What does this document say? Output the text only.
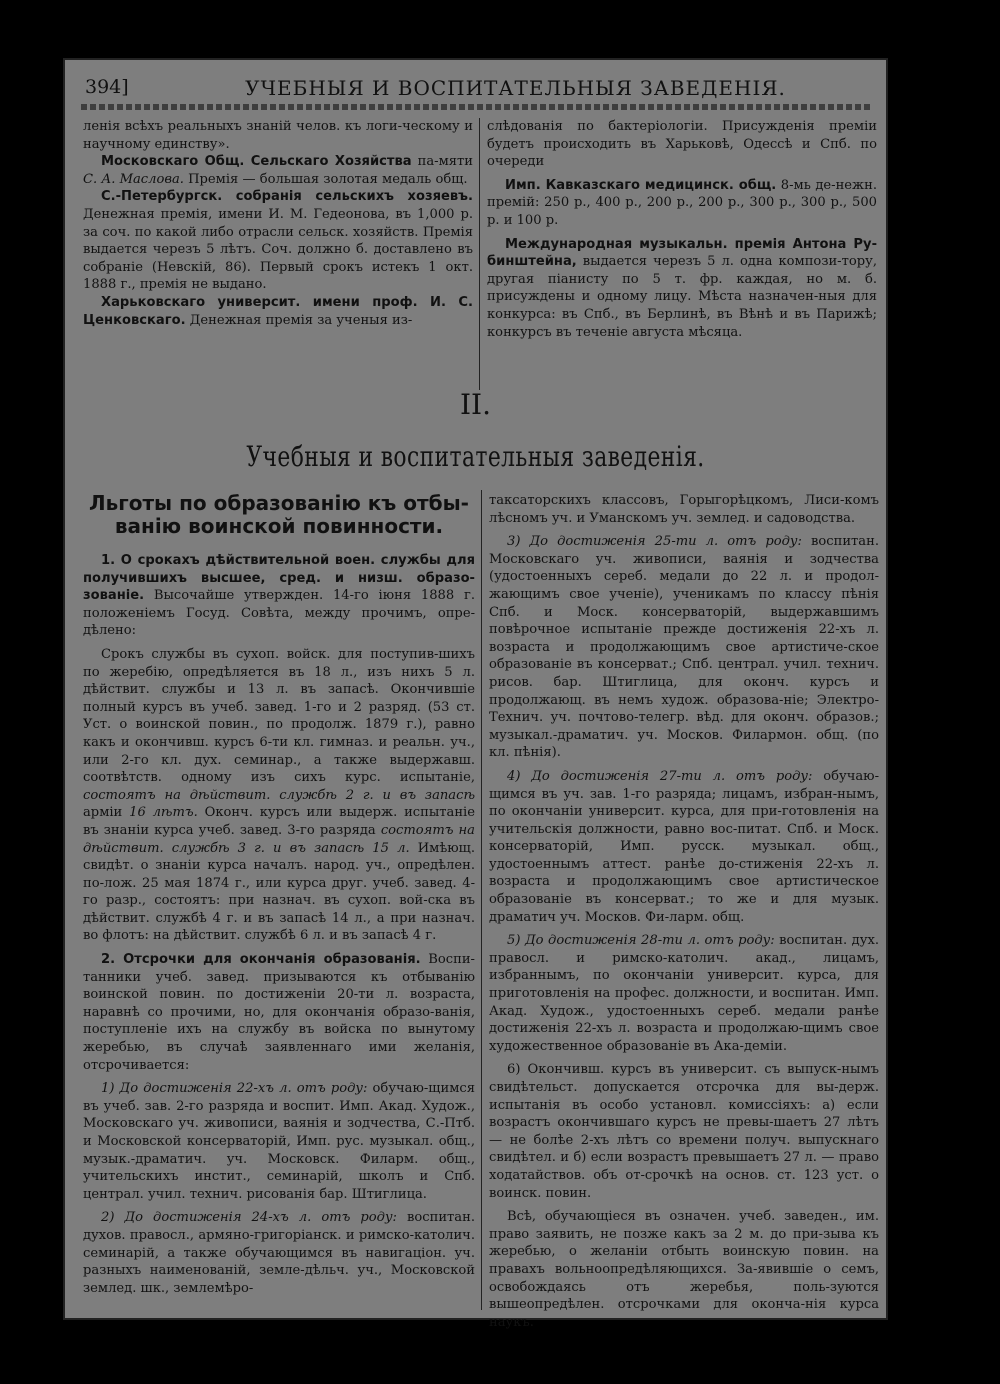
394]	УЧЕБНЫЯ И ВОСПИТАТЕЛЬНЫЯ ЗАВЕДЕНІЯ.

ленія всѣхъ реальныхъ знаній челов. къ логи-ческому и научному единству».

Московскаго Общ. Сельскаго Хозяйства па-мяти С. А. Маслова. Премія — большая золотая медаль общ.

С.-Петербургск. собранія сельскихъ хозяевъ. Денежная премія, имени И. М. Гедеонова, въ 1,000 р. за соч. по какой либо отрасли сельск. хозяйств. Премія выдается черезъ 5 лѣтъ. Соч. должно б. доставлено въ собраніе (Невскій, 86). Первый срокъ истекъ 1 окт. 1888 г., премія не выдано.

Харьковскаго университ. имени проф. И. С. Ценковскаго. Денежная премія за ученыя из-

слѣдованія по бактеріологіи. Присужденія преміи будетъ происходить въ Харьковѣ, Одессѣ и Спб. по очереди

Имп. Кавказскаго медицинск. общ. 8-мь де-нежн. премій: 250 р., 400 р., 200 р., 200 р., 300 р., 300 р., 500 р. и 100 р.

Международная музыкальн. премія Антона Ру-бинштейна, выдается черезъ 5 л. одна компози-тору, другая піанисту по 5 т. фр. каждая, но м. б. присуждены и одному лицу. Мѣста назначен-ныя для конкурса: въ Спб., въ Берлинѣ, въ Вѣнѣ и въ Парижѣ; конкурсъ въ теченіе августа мѣсяца.

II.
Учебныя и воспитательныя заведенія.

Льготы по образованію къ отбы-ванію воинской повинности.

1. О срокахъ дѣйствительной воен. службы для получившихъ высшее, сред. и низш. образо-зованіе. Высочайше утвержден. 14-го іюня 1888 г. положеніемъ Госуд. Совѣта, между прочимъ, опре-дѣлено:

Срокъ службы въ сухоп. войск. для поступив-шихъ по жеребію, опредѣляется въ 18 л., изъ нихъ 5 л. дѣйствит. службы и 13 л. въ запасѣ. Окончившіе полный курсъ въ учеб. завед. 1-го и 2 разряд. (53 ст. Уст. о воинской повин., по продолж. 1879 г.), равно какъ и окончивш. курсъ 6-ти кл. гимназ. и реальн. уч., или 2-го кл. дух. семинар., а также выдержавш. соотвѣтств. одному изъ сихъ курс. испытаніе, состоятъ на дѣйствит. службѣ 2 г. и въ запасѣ арміи 16 лѣтъ. Оконч. курсъ или выдерж. испытаніе въ знаніи курса учеб. завед. 3-го разряда состоятъ на дѣйствит. службѣ 3 г. и въ запасѣ 15 л. Имѣющ. свидѣт. о знаніи курса началъ. народ. уч., опредѣлен. по-лож. 25 мая 1874 г., или курса друг. учеб. завед. 4-го разр., состоятъ: при назнач. въ сухоп. вой-ска въ дѣйствит. службѣ 4 г. и въ запасѣ 14 л., а при назнач. во флотъ: на дѣйствит. службѣ 6 л. и въ запасѣ 4 г.

2. Отсрочки для окончанія образованія. Воспи-танники учеб. завед. призываются къ отбыванію воинской повин. по достиженіи 20-ти л. возраста, наравнѣ со прочими, но, для окончанія образо-ванія, поступленіе ихъ на службу въ войска по вынутому жеребью, въ случаѣ заявленнаго ими желанія, отсрочивается:

1) До достиженія 22-хъ л. отъ роду: обучаю-щимся въ учеб. зав. 2-го разряда и воспит. Имп. Акад. Худож., Московскаго уч. живописи, ваянія и зодчества, С.-Птб. и Московской консерваторій, Имп. рус. музыкал. общ., музык.-драматич. уч. Московск. Филарм. общ., учительскихъ инстит., семинарій, школъ и Спб. централ. учил. технич. рисованія бар. Штиглица.

2) До достиженія 24-хъ л. отъ роду: воспитан. духов. правосл., армяно-григоріанск. и римско-католич. семинарій, а также обучающимся въ навигаціон. уч. разныхъ наименованій, земле-дѣльч. уч., Московской землед. шк., землемѣро-

таксаторскихъ классовъ, Горыгорѣцкомъ, Лиси-комъ лѣсномъ уч. и Уманскомъ уч. землед. и садоводства.

3) До достиженія 25-ти л. отъ роду: воспитан. Московскаго уч. живописи, ваянія и зодчества (удостоенныхъ сереб. медали до 22 л. и продол-жающимъ свое ученіе), ученикамъ по классу пѣнія Спб. и Моск. консерваторій, выдержавшимъ повѣрочное испытаніе прежде достиженія 22-хъ л. возраста и продолжающимъ свое артистиче-ское образованіе въ консерват.; Спб. централ. учил. технич. рисов. бар. Штиглица, для оконч. курсъ и продолжающ. въ немъ худож. образова-ніе; Электро-Технич. уч. почтово-телегр. вѣд. для оконч. образов.; музыкал.-драматич. уч. Москов. Филармон. общ. (по кл. пѣнія).

4) До достиженія 27-ти л. отъ роду: обучаю-щимся въ уч. зав. 1-го разряда; лицамъ, избран-нымъ, по окончаніи университ. курса, для при-готовленія на учительскія должности, равно вос-питат. Спб. и Моск. консерваторій, Имп. русск. музыкал. общ., удостоеннымъ аттест. ранѣе до-стиженія 22-хъ л. возраста и продолжающимъ свое артистическое образованіе въ консерват.; то же и для музык. драматич уч. Москов. Фи-ларм. общ.

5) До достиженія 28-ти л. отъ роду: воспитан. дух. правосл. и римско-католич. акад., лицамъ, избраннымъ, по окончаніи университ. курса, для приготовленія на профес. должности, и воспитан. Имп. Акад. Худож., удостоенныхъ сереб. медали ранѣе достиженія 22-хъ л. возраста и продолжаю-щимъ свое художественное образованіе въ Ака-деміи.

6) Окончивш. курсъ въ университ. съ выпуск-нымъ свидѣтельст. допускается отсрочка для вы-держ. испытанія въ особо установл. комиссіяхъ: а) если возрастъ окончившаго курсъ не превы-шаетъ 27 лѣтъ — не болѣе 2-хъ лѣтъ со времени получ. выпускнаго свидѣтел. и б) если возрастъ превышаетъ 27 л. — право ходатайствов. объ от-срочкѣ на основ. ст. 123 уст. о воинск. повин.

Всѣ, обучающіеся въ означен. учеб. заведен., им. право заявить, не позже какъ за 2 м. до при-зыва къ жеребью, о желаніи отбыть воинскую повин. на правахъ вольноопредѣляющихся. За-явившіе о семъ, освобождаясь отъ жеребья, поль-зуются вышеопредѣлен. отсрочками для оконча-нія курса наукъ.
